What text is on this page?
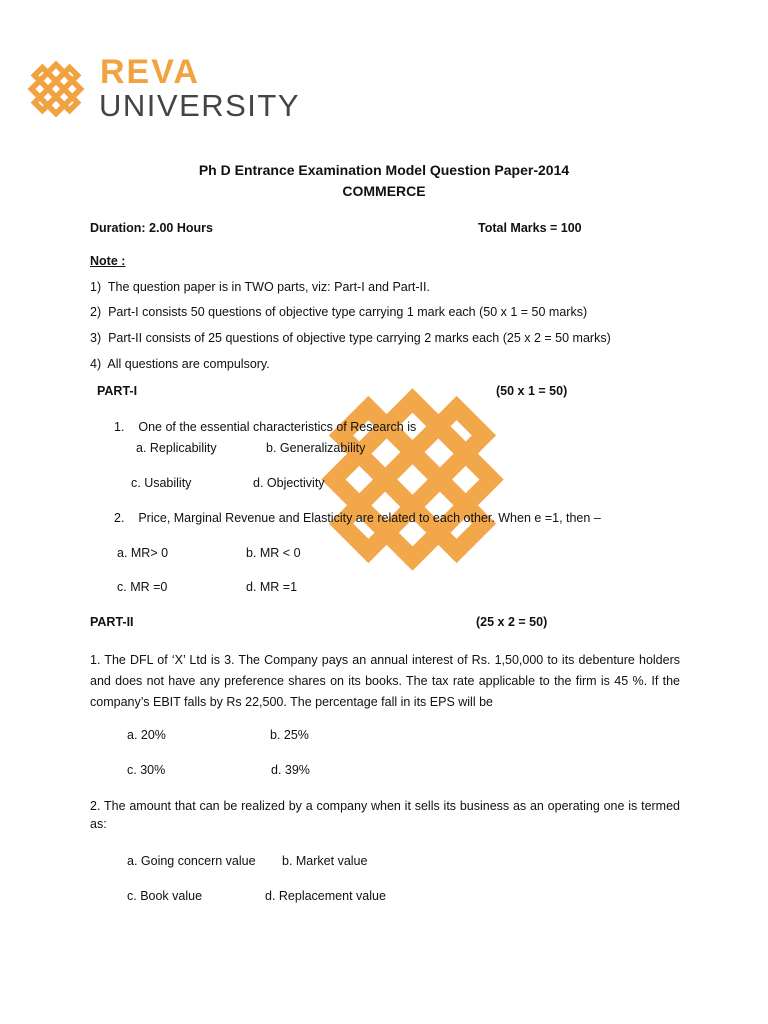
REVA
UNIVERSITY
Ph D Entrance Examination Model Question Paper-2014
COMMERCE
Duration: 2.00 Hours	Total Marks = 100
Note :
1) The question paper is in TWO parts, viz: Part-I and Part-II.
2) Part-I consists 50 questions of objective type carrying 1 mark each (50 x 1 = 50 marks)
3) Part-II consists of 25 questions of objective type carrying 2 marks each (25 x 2 = 50 marks)
4) All questions are compulsory.
PART-I	(50 x 1 = 50)
1. One of the essential characteristics of Research is
a. Replicability	b. Generalizability
c. Usability	d. Objectivity
2. Price, Marginal Revenue and Elasticity are related to each other. When e =1, then –
a. MR> 0	b. MR < 0
c. MR =0	d. MR =1
PART-II	(25 x 2 = 50)
1. The DFL of ‘X’ Ltd is 3. The Company pays an annual interest of Rs. 1,50,000 to its debenture holders and does not have any preference shares on its books. The tax rate applicable to the firm is 45 %. If the company’s EBIT falls by Rs 22,500. The percentage fall in its EPS will be
a. 20%	b. 25%
c. 30%	d. 39%
2. The amount that can be realized by a company when it sells its business as an operating one is termed as:
a. Going concern value b. Market value
c. Book value	d. Replacement value
